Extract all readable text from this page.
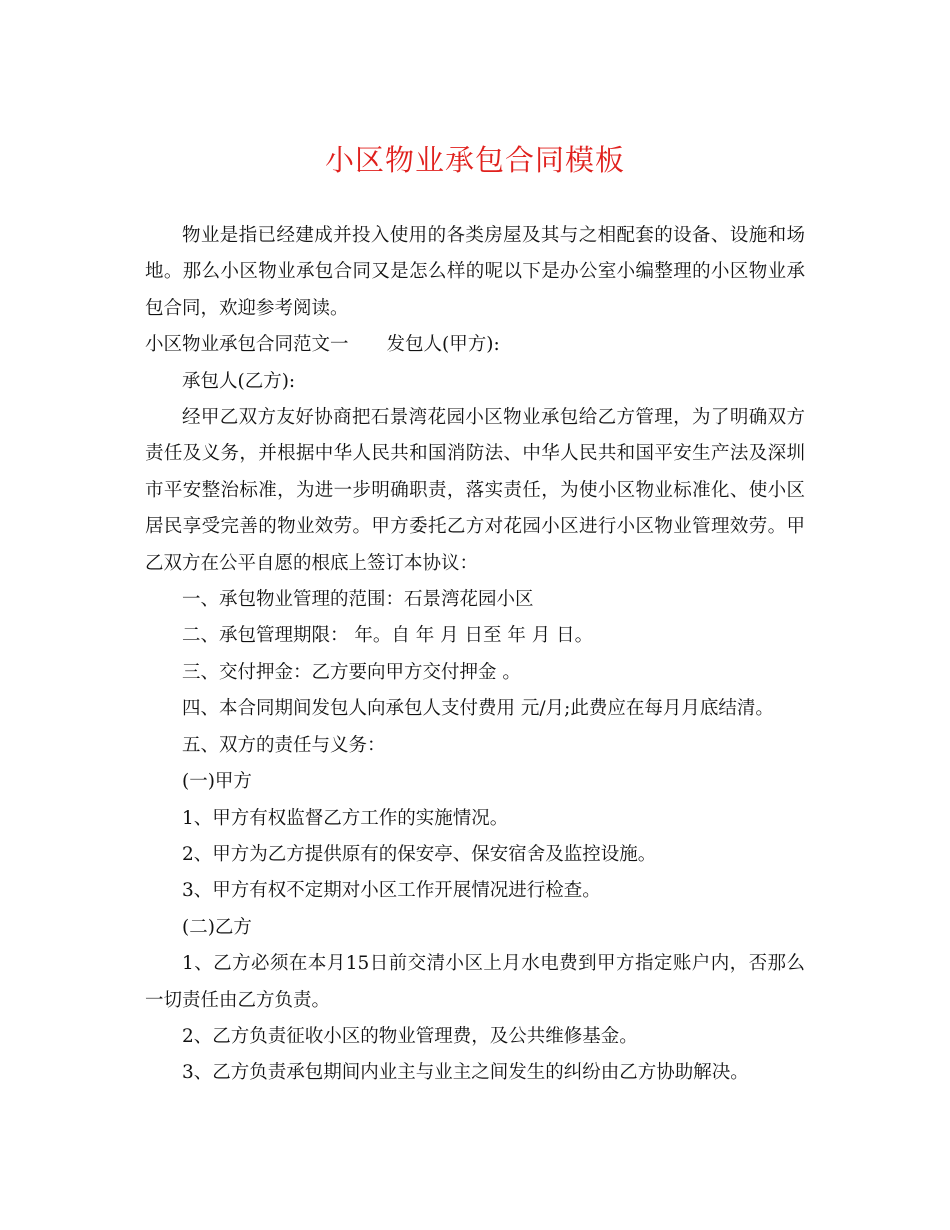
小区物业承包合同模板

物业是指已经建成并投入使用的各类房屋及其与之相配套的设备、设施和场地。那么小区物业承包合同又是怎么样的呢以下是办公室小编整理的小区物业承包合同，欢迎参考阅读。

小区物业承包合同范文一 发包人(甲方):

承包人(乙方):

经甲乙双方友好协商把石景湾花园小区物业承包给乙方管理，为了明确双方责任及义务，并根据中华人民共和国消防法、中华人民共和国平安生产法及深圳市平安整治标准，为进一步明确职责，落实责任，为使小区物业标准化、使小区居民享受完善的物业效劳。甲方委托乙方对花园小区进行小区物业管理效劳。甲乙双方在公平自愿的根底上签订本协议：

一、承包物业管理的范围：石景湾花园小区

二、承包管理期限： 年。自 年 月 日至 年 月 日。

三、交付押金：乙方要向甲方交付押金 。

四、本合同期间发包人向承包人支付费用 元/月;此费应在每月月底结清。

五、双方的责任与义务：

(一)甲方

1、甲方有权监督乙方工作的实施情况。

2、甲方为乙方提供原有的保安亭、保安宿舍及监控设施。

3、甲方有权不定期对小区工作开展情况进行检查。

(二)乙方

1、乙方必须在本月15日前交清小区上月水电费到甲方指定账户内，否那么一切责任由乙方负责。

2、乙方负责征收小区的物业管理费，及公共维修基金。

3、乙方负责承包期间内业主与业主之间发生的纠纷由乙方协助解决。
